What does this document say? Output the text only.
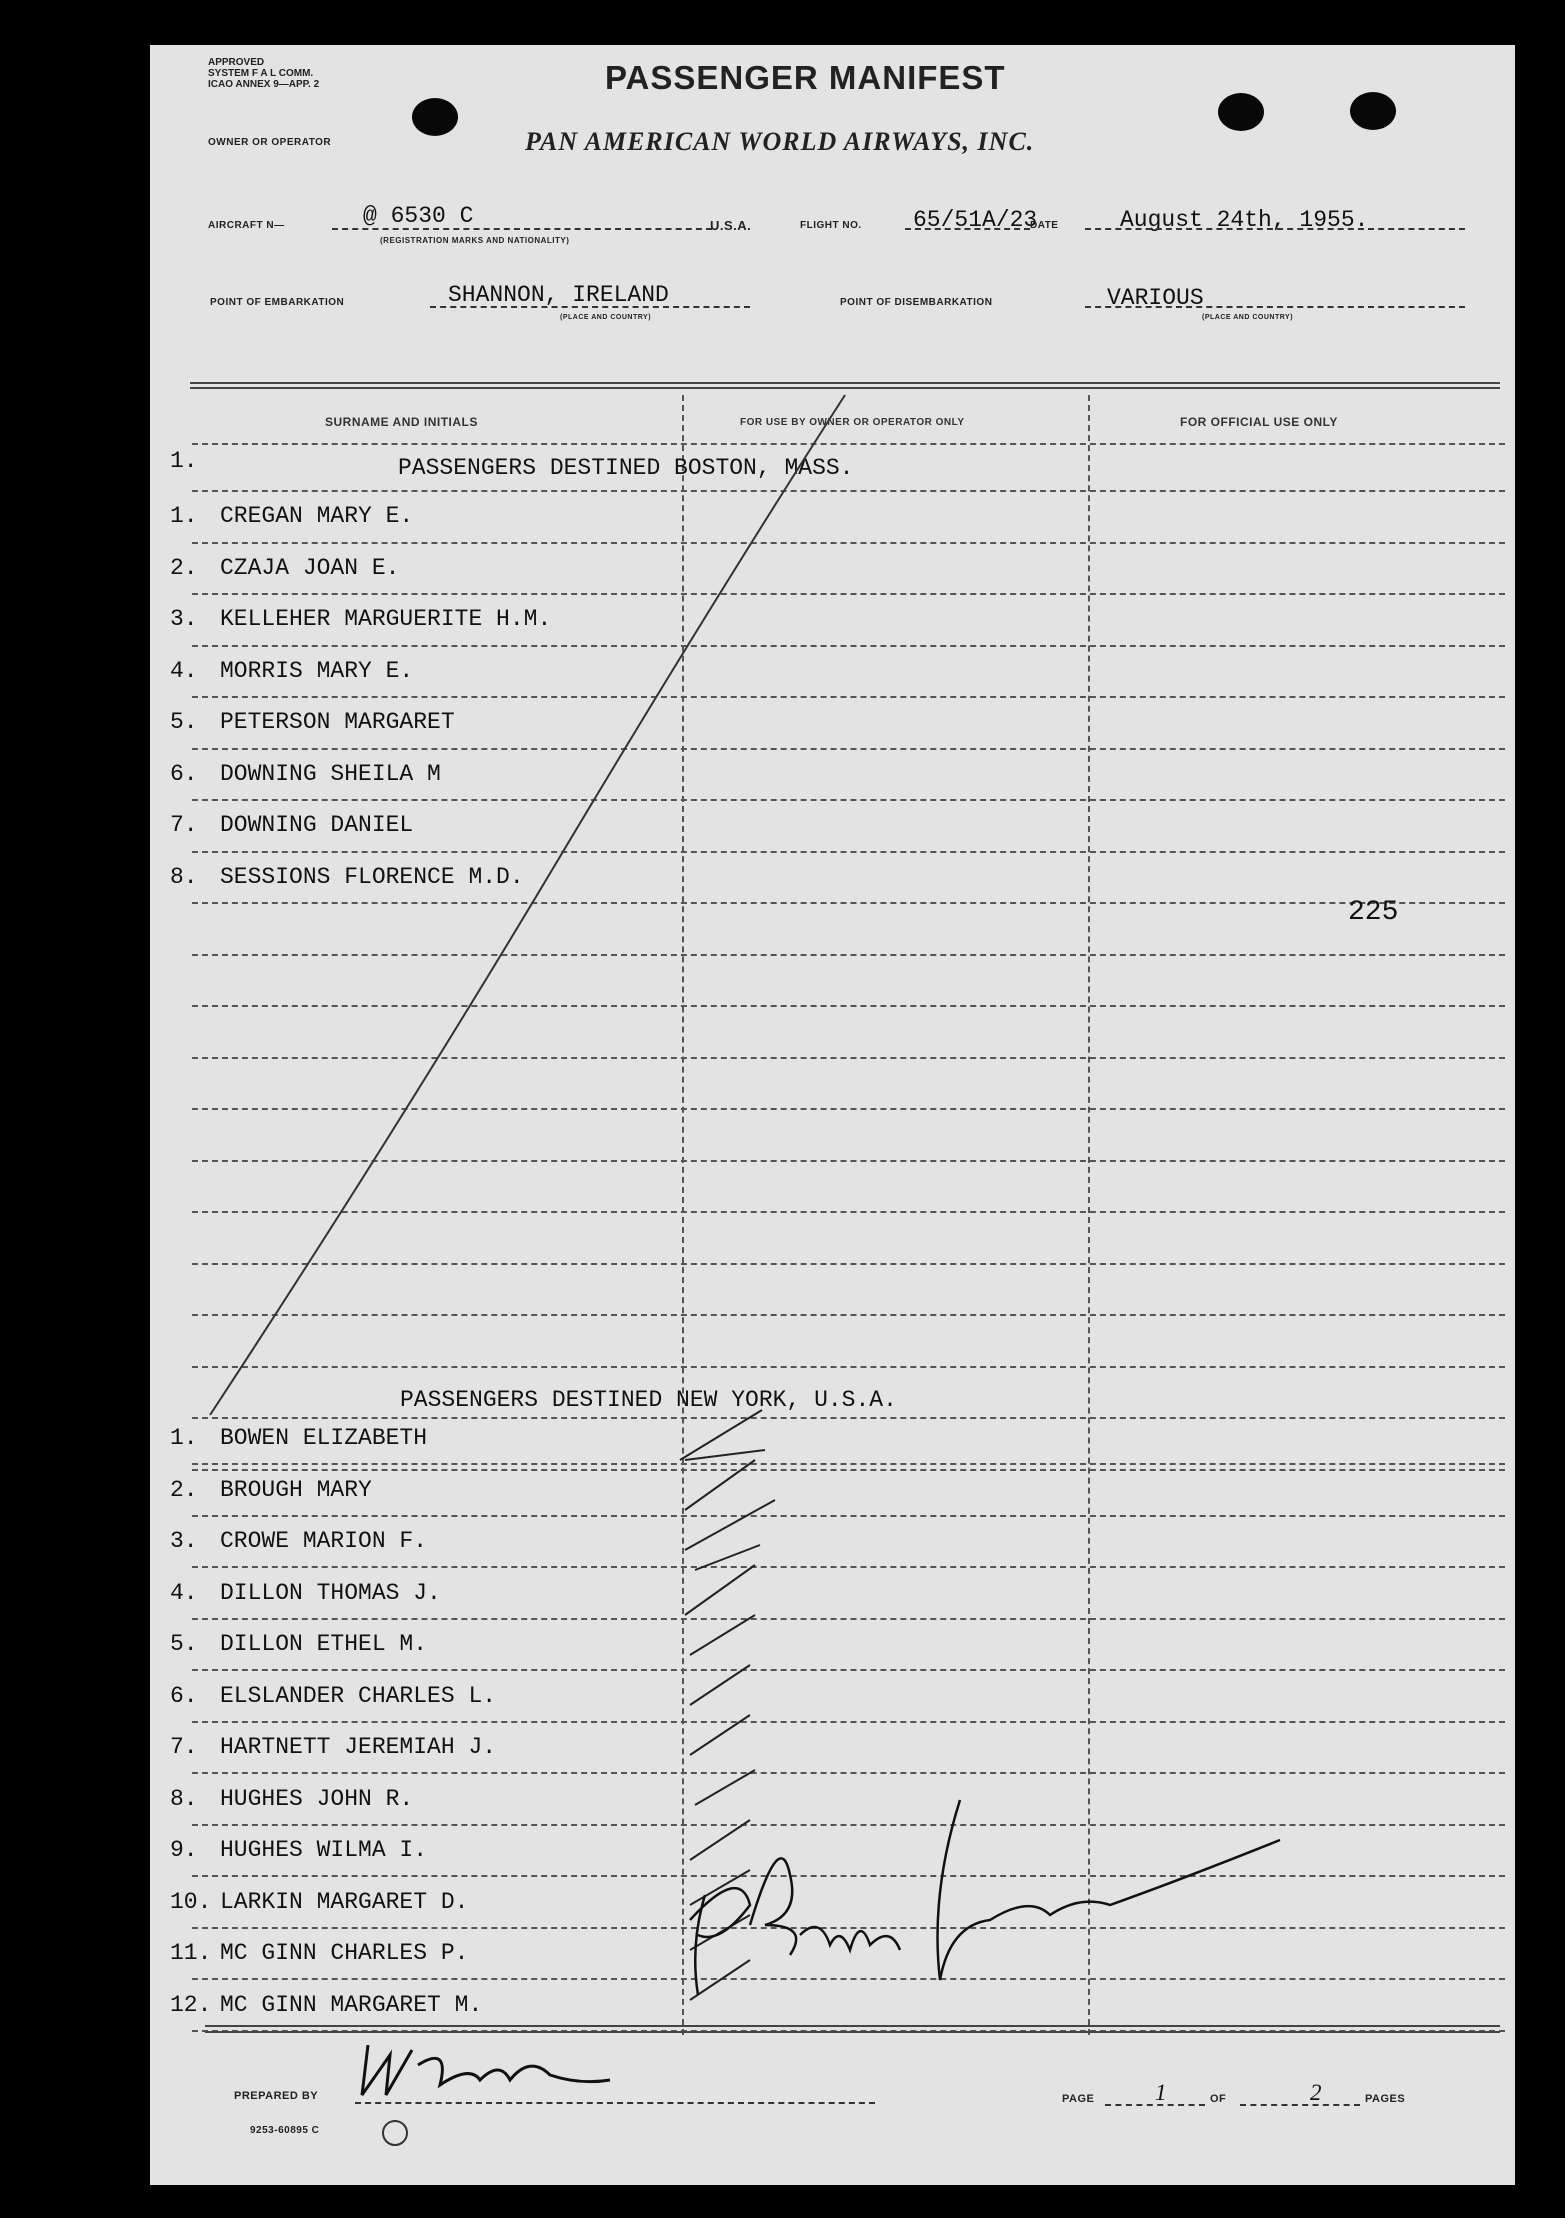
APPROVED
SYSTEM F A L COMM.
ICAO ANNEX 9—APP. 2	PASSENGER MANIFEST
OWNER OR OPERATOR	PAN AMERICAN WORLD AIRWAYS, INC.
AIRCRAFT N—	@ 6530 C
(REGISTRATION MARKS AND NATIONALITY)
U.S.A.	FLIGHT NO. 65/51A/23
DATE	August 24th, 1955.
POINT OF EMBARKATION	SHANNON, IRELAND
(PLACE AND COUNTRY)
POINT OF DISEMBARKATION	VARIOUS
(PLACE AND COUNTRY)
SURNAME AND INITIALS	FOR USE BY OWNER OR OPERATOR ONLY	FOR OFFICIAL USE ONLY
1.	PASSENGERS DESTINED BOSTON, MASS.
1. CREGAN MARY E.
2. CZAJA JOAN E.
3. KELLEHER MARGUERITE H.M.
4. MORRIS MARY E.
5. PETERSON MARGARET
6. DOWNING SHEILA M
7. DOWNING DANIEL
8. SESSIONS FLORENCE M.D.
225
PASSENGERS DESTINED NEW YORK, U.S.A.
1. BOWEN ELIZABETH
2. BROUGH MARY
3. CROWE MARION F.
4. DILLON THOMAS J.
5. DILLON ETHEL M.
6. ELSLANDER CHARLES L.
7. HARTNETT JEREMIAH J.
8. HUGHES JOHN R.
9. HUGHES WILMA I.
10. LARKIN MARGARET D.
11. MC GINN CHARLES P.
12. MC GINN MARGARET M.
PREPARED BY	PAGE	1	OF	2	PAGES
9253-60895 C
